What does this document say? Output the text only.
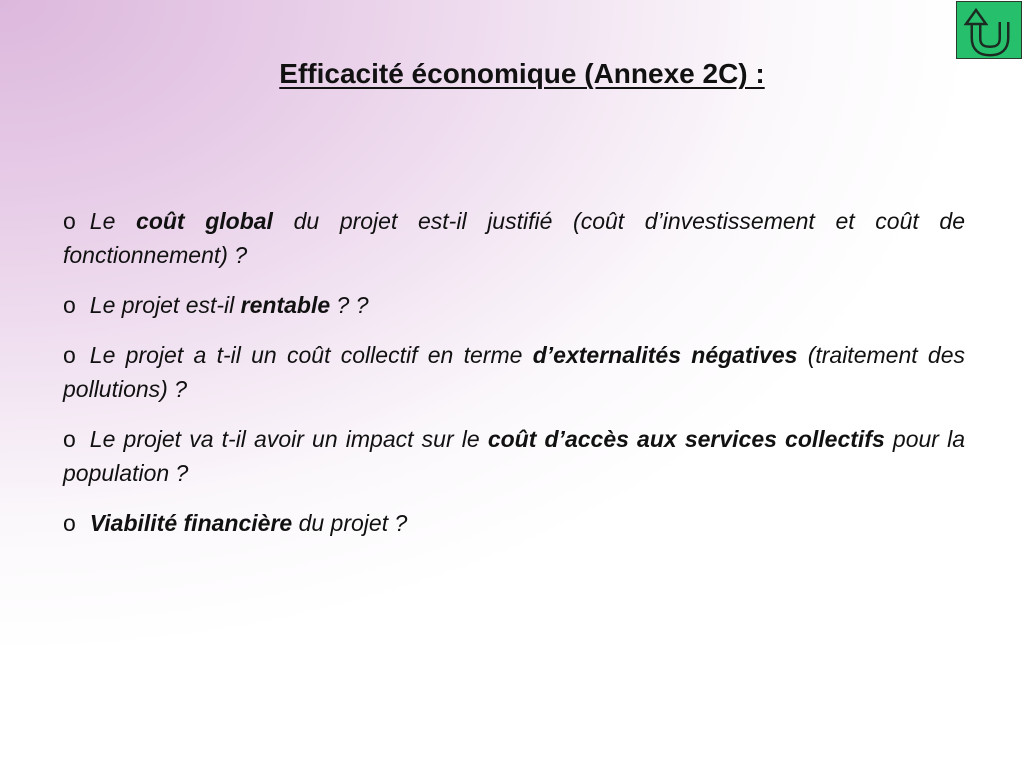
Efficacité économique (Annexe 2C) :
o Le coût global du projet est-il justifié (coût d’investissement et coût de fonctionnement) ?
o Le projet est-il rentable ? ?
o Le projet a t-il un coût collectif en terme d’externalités négatives (traitement des pollutions) ?
o Le projet va t-il avoir un impact sur le coût d’accès aux services collectifs pour la population ?
o Viabilité financière du projet ?
